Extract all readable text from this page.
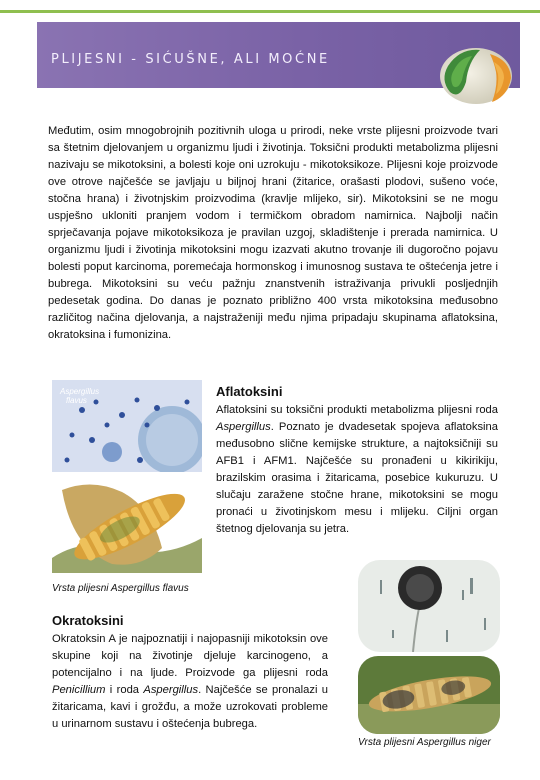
PLIJESNI - SIĆUŠNE, ALI MOĆNE

Međutim, osim mnogobrojnih pozitivnih uloga u prirodi, neke vrste plijesni proizvode tvari sa štetnim djelovanjem u organizmu ljudi i životinja. Toksični produkti metabolizma plijesni nazivaju se mikotoksini, a bolesti koje oni uzrokuju - mikotoksikoze. Plijesni koje proizvode ove otrove najčešće se javljaju u biljnoj hrani (žitarice, orašasti plodovi, sušeno voće, stočna hrana) i životnjskim proizvodima (kravlje mlijeko, sir). Mikotoksini se ne mogu uspješno ukloniti pranjem vodom i termičkom obradom namirnica. Najbolji način sprječavanja pojave mikotoksikoza je pravilan uzgoj, skladištenje i prerada namirnica. U organizmu ljudi i životinja mikotoksini mogu izazvati akutno trovanje ili dugoročno pojavu bolesti poput karcinoma, poremećaja hormonskog i imunosnog sustava te oštećenja jetre i bubrega. Mikotoksini su veću pažnju znanstvenih istraživanja privukli posljednjih pedesetak godina. Do danas je poznato približno 400 vrsta mikotoksina međusobno različitog načina djelovanja, a najstraženiji među njima pripadaju skupinama aflatoksina, okratoksina i fumonizina.

Aspergillus
flavus
Aflatoksini

Aflatoksini su toksični produkti metabolizma plijesni roda Aspergillus. Poznato je dvadesetak spojeva aflatoksina međusobno slične kemijske strukture, a najtoksičniji su AFB1 i AFM1. Najčešće su pronađeni u kikirikiju, brazilskim orasima i žitaricama, posebice kukuruzu. U slučaju zaražene stočne hrane, mikotoksini se mogu pronaći u životinjskom mesu i mlijeku. Ciljni organ štetnog djelovanja su jetra.

Vrsta plijesni Aspergillus flavus
Okratoksini

Okratoksin A je najpoznatiji i najopasniji mikotoksin ove skupine koji na životinje djeluje karcinogeno, a potencijalno i na ljude. Proizvode ga plijesni roda Penicillium i roda Aspergillus. Najčešće se pronalazi u žitaricama, kavi i grožđu, a može uzrokovati probleme u urinarnom sustavu i oštećenja bubrega.

Vrsta plijesni Aspergillus niger
